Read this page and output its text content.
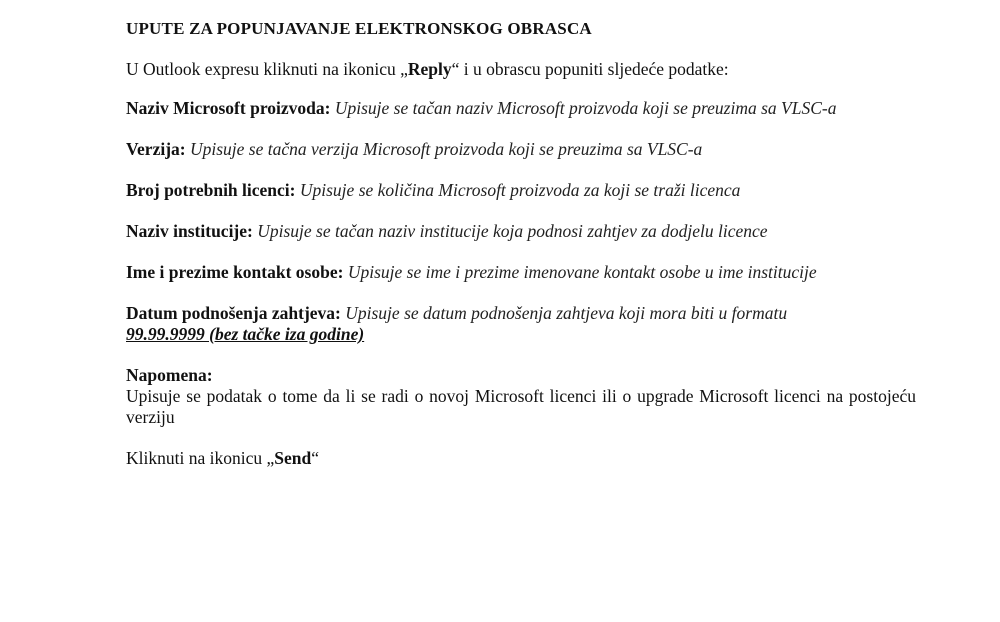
UPUTE ZA POPUNJAVANJE ELEKTRONSKOG OBRASCA

U Outlook expresu kliknuti na ikonicu „Reply“ i u obrascu popuniti sljedeće podatke:

Naziv Microsoft proizvoda: Upisuje se tačan naziv Microsoft proizvoda koji se preuzima sa VLSC-a

Verzija: Upisuje se tačna verzija Microsoft proizvoda koji se preuzima sa VLSC-a

Broj potrebnih licenci: Upisuje se količina Microsoft proizvoda za koji se traži licenca

Naziv institucije: Upisuje se tačan naziv institucije koja podnosi zahtjev za dodjelu licence

Ime i prezime kontakt osobe: Upisuje se ime i prezime imenovane kontakt osobe u ime institucije

Datum podnošenja zahtjeva: Upisuje se datum podnošenja zahtjeva koji mora biti u formatu
99.99.9999 (bez tačke iza godine)

Napomena:

Upisuje se podatak o tome da li se radi o novoj Microsoft licenci ili o upgrade Microsoft licenci na postojeću verziju

Kliknuti na ikonicu „Send“
